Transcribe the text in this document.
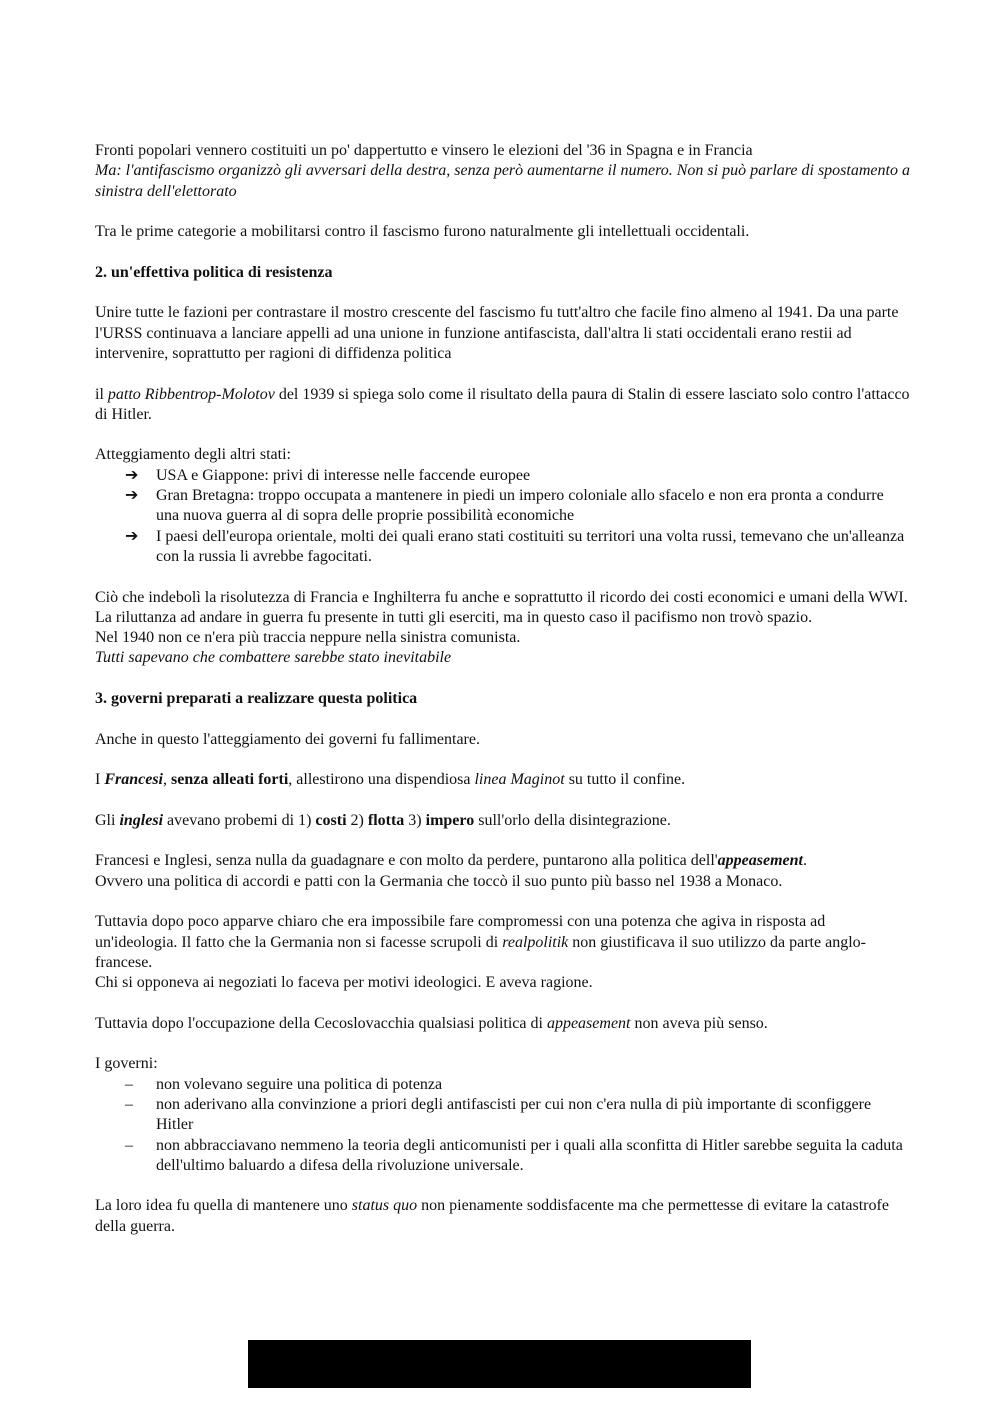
Fronti popolari vennero costituiti un po' dappertutto e vinsero le elezioni del '36 in Spagna e in Francia
Ma: l'antifascismo organizzò gli avversari della destra, senza però aumentarne il numero. Non si può parlare di spostamento a sinistra dell'elettorato

Tra le prime categorie a mobilitarsi contro il fascismo furono naturalmente gli intellettuali occidentali.

2. un'effettiva politica di resistenza

Unire tutte le fazioni per contrastare il mostro crescente del fascismo fu tutt'altro che facile fino almeno al 1941. Da una parte l'URSS continuava a lanciare appelli ad una unione in funzione antifascista, dall'altra li stati occidentali erano restii ad intervenire, soprattutto per ragioni di diffidenza politica

il patto Ribbentrop-Molotov del 1939 si spiega solo come il risultato della paura di Stalin di essere lasciato solo contro l'attacco di Hitler.

Atteggiamento degli altri stati:
➔ USA e Giappone: privi di interesse nelle faccende europee
➔ Gran Bretagna: troppo occupata a mantenere in piedi un impero coloniale allo sfacelo e non era pronta a condurre una nuova guerra al di sopra delle proprie possibilità economiche
➔ I paesi dell'europa orientale, molti dei quali erano stati costituiti su territori una volta russi, temevano che un'alleanza con la russia li avrebbe fagocitati.

Ciò che indebolì la risolutezza di Francia e Inghilterra fu anche e soprattutto il ricordo dei costi economici e umani della WWI.
La riluttanza ad andare in guerra fu presente in tutti gli eserciti, ma in questo caso il pacifismo non trovò spazio.
Nel 1940 non ce n'era più traccia neppure nella sinistra comunista.
Tutti sapevano che combattere sarebbe stato inevitabile

3. governi preparati a realizzare questa politica

Anche in questo l'atteggiamento dei governi fu fallimentare.

I Francesi, senza alleati forti, allestirono una dispendiosa linea Maginot su tutto il confine.

Gli inglesi avevano probemi di 1) costi 2) flotta 3) impero sull'orlo della disintegrazione.

Francesi e Inglesi, senza nulla da guadagnare e con molto da perdere, puntarono alla politica dell'appeasement.
Ovvero una politica di accordi e patti con la Germania che toccò il suo punto più basso nel 1938 a Monaco.

Tuttavia dopo poco apparve chiaro che era impossibile fare compromessi con una potenza che agiva in risposta ad un'ideologia. Il fatto che la Germania non si facesse scrupoli di realpolitik non giustificava il suo utilizzo da parte anglo-francese.
Chi si opponeva ai negoziati lo faceva per motivi ideologici. E aveva ragione.

Tuttavia dopo l'occupazione della Cecoslovacchia qualsiasi politica di appeasement non aveva più senso.

I governi:
– non volevano seguire una politica di potenza
– non aderivano alla convinzione a priori degli antifascisti per cui non c'era nulla di più importante di sconfiggere Hitler
– non abbracciavano nemmeno la teoria degli anticomunisti per i quali alla sconfitta di Hitler sarebbe seguita la caduta dell'ultimo baluardo a difesa della rivoluzione universale.

La loro idea fu quella di mantenere uno status quo non pienamente soddisfacente ma che permettesse di evitare la catastrofe della guerra.
